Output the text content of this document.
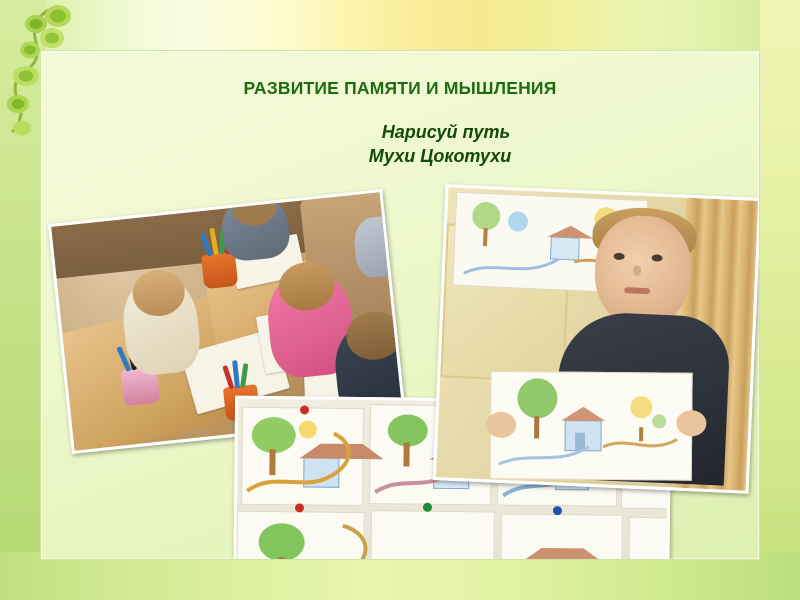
РАЗВИТИЕ ПАМЯТИ И МЫШЛЕНИЯ
Нарисуй путь
Мухи Цокотухи
